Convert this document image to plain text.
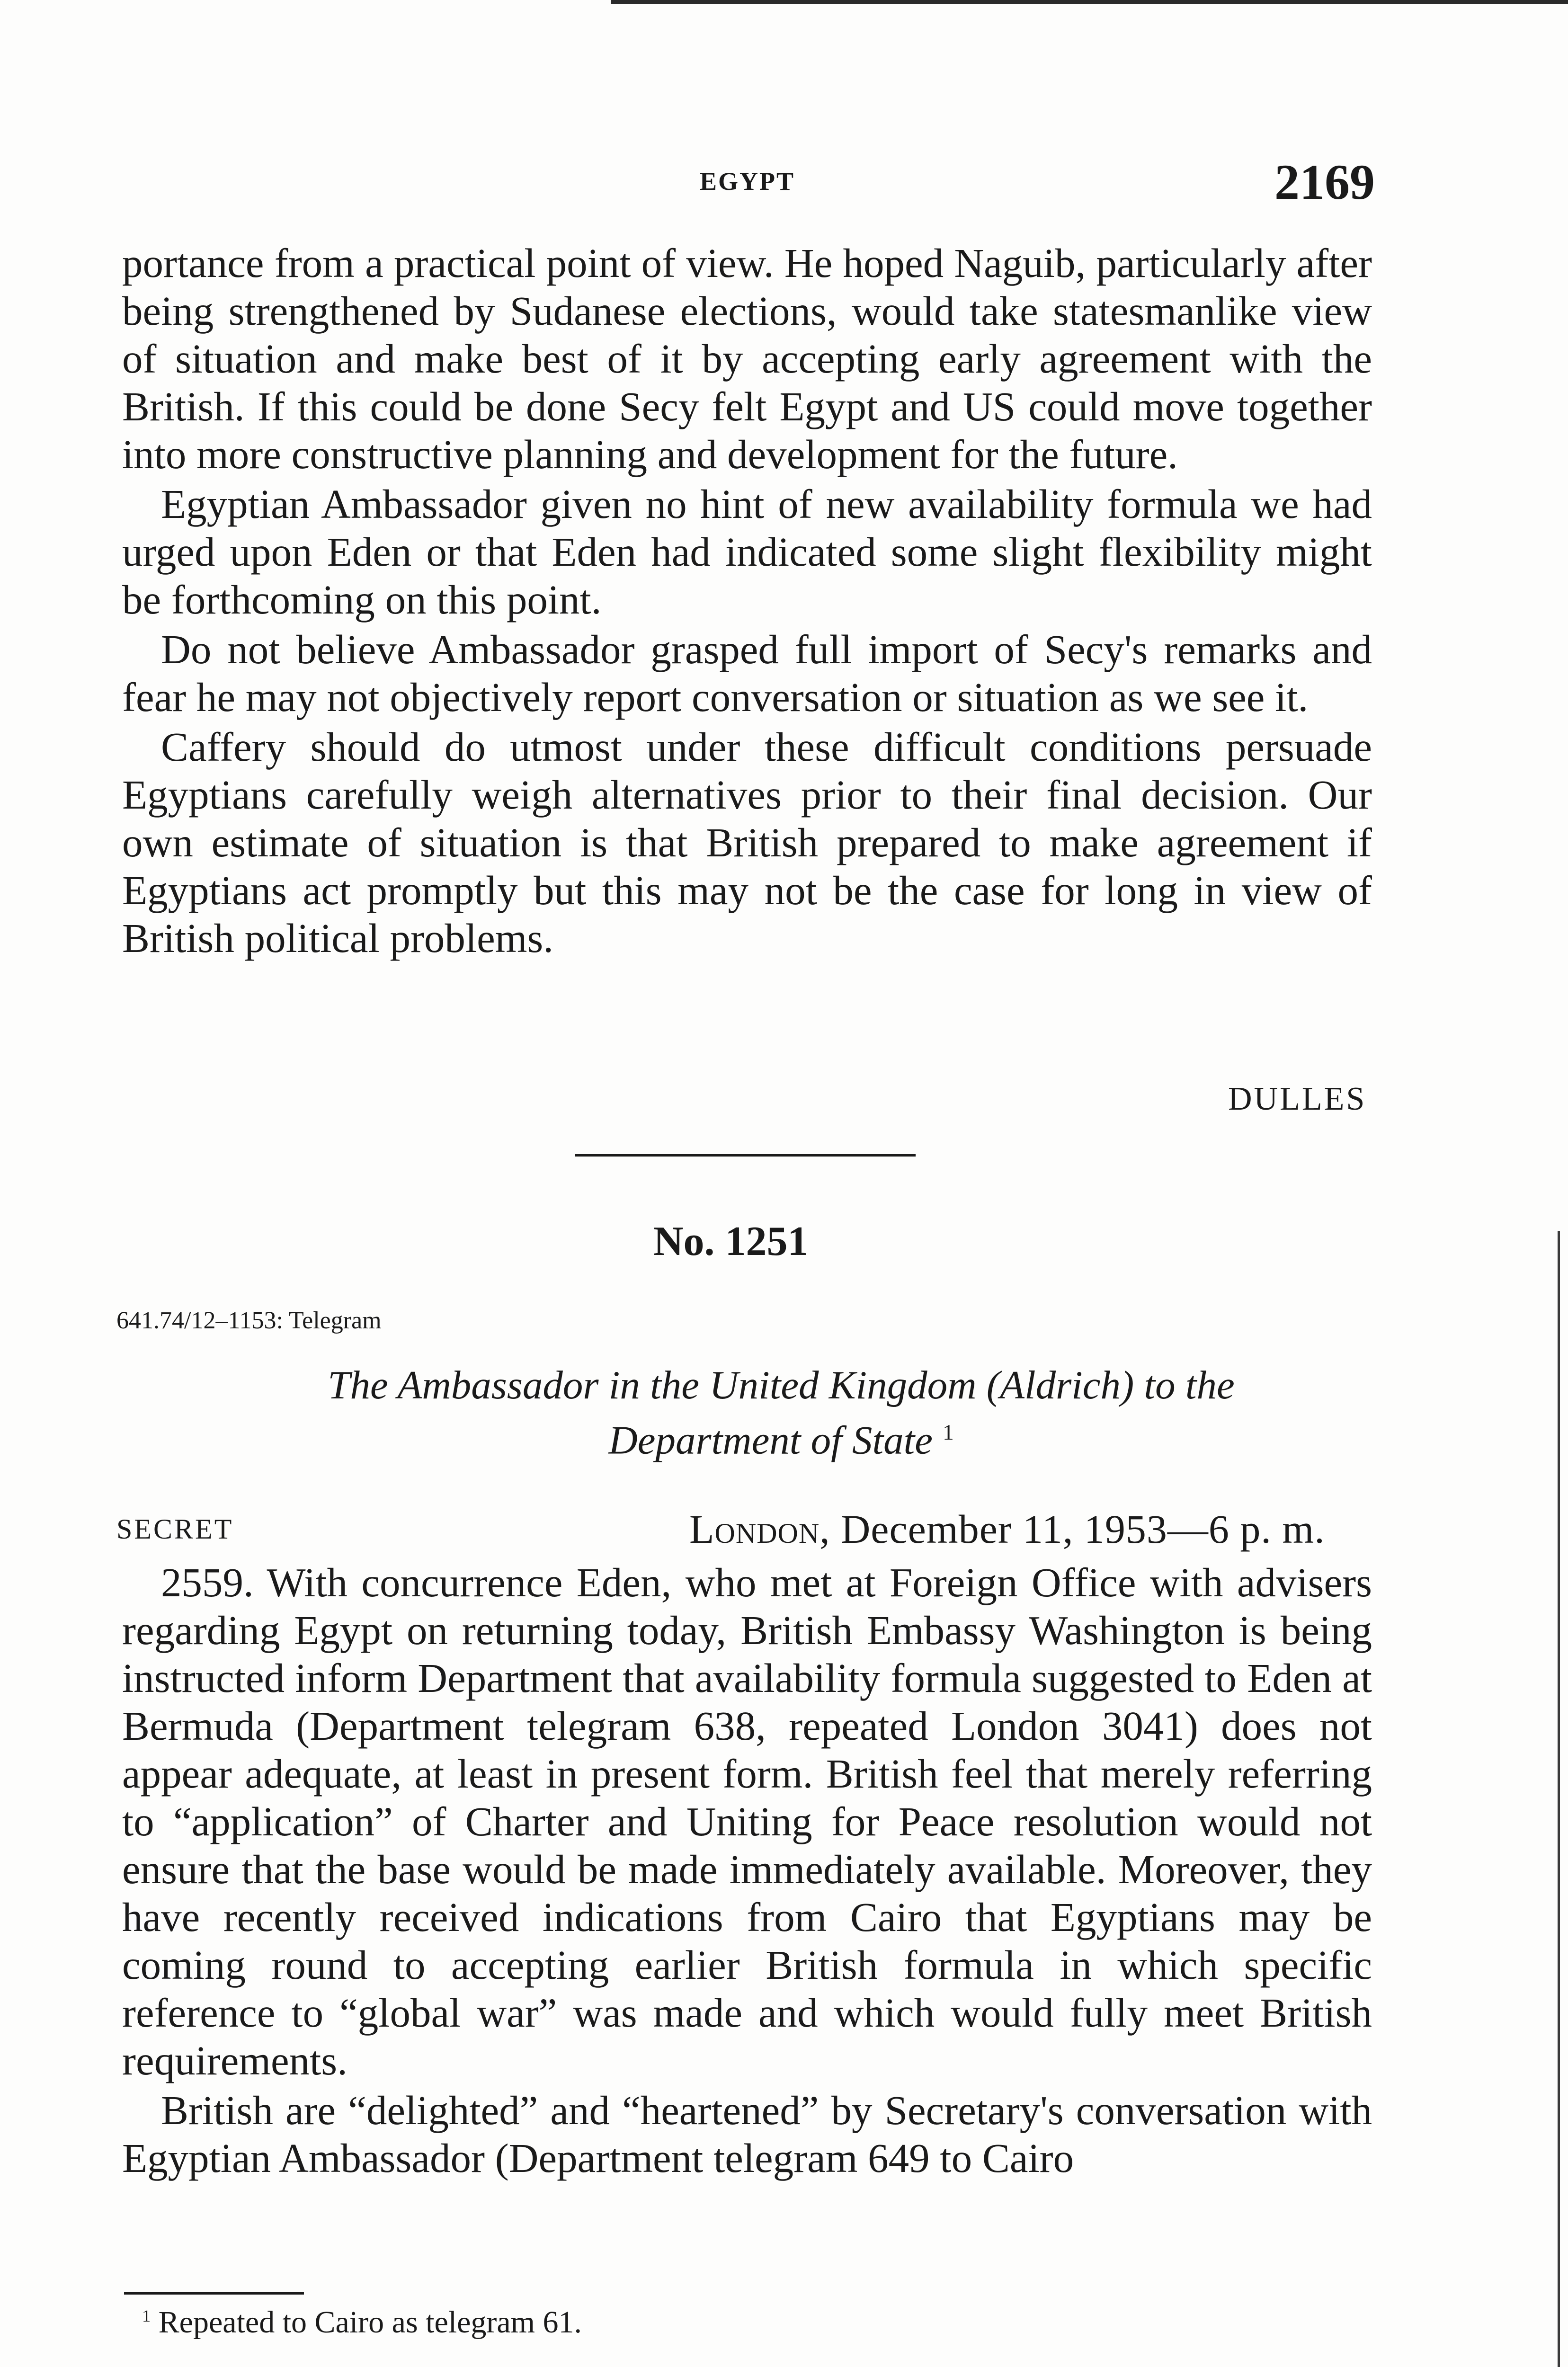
EGYPT	2169

portance from a practical point of view. He hoped Naguib, particularly after being strengthened by Sudanese elections, would take statesmanlike view of situation and make best of it by accepting early agreement with the British. If this could be done Secy felt Egypt and US could move together into more constructive planning and development for the future.

Egyptian Ambassador given no hint of new availability formula we had urged upon Eden or that Eden had indicated some slight flexibility might be forthcoming on this point.

Do not believe Ambassador grasped full import of Secy's remarks and fear he may not objectively report conversation or situation as we see it.

Caffery should do utmost under these difficult conditions persuade Egyptians carefully weigh alternatives prior to their final decision. Our own estimate of situation is that British prepared to make agreement if Egyptians act promptly but this may not be the case for long in view of British political problems.

DULLES
No. 1251
641.74/12–1153: Telegram
The Ambassador in the United Kingdom (Aldrich) to the
Department of State $^1$
SECRET	London, December 11, 1953—6 p. m.

2559. With concurrence Eden, who met at Foreign Office with advisers regarding Egypt on returning today, British Embassy Washington is being instructed inform Department that availability formula suggested to Eden at Bermuda (Department telegram 638, repeated London 3041) does not appear adequate, at least in present form. British feel that merely referring to “application” of Charter and Uniting for Peace resolution would not ensure that the base would be made immediately available. Moreover, they have recently received indications from Cairo that Egyptians may be coming round to accepting earlier British formula in which specific reference to “global war” was made and which would fully meet British requirements.

British are “delighted” and “heartened” by Secretary's conversation with Egyptian Ambassador (Department telegram 649 to Cairo

$^1$ Repeated to Cairo as telegram 61.
